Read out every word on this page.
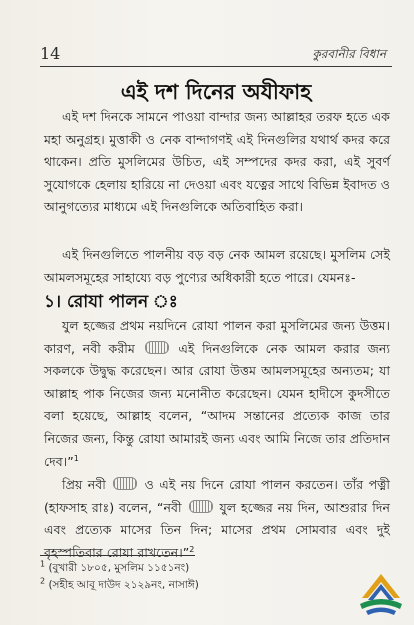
14	কুরবানীর বিধান
এই দশ দিনের অযীফাহ
এই দশ দিনকে সামনে পাওয়া বান্দার জন্য আল্লাহর তরফ হতে এক মহা অনুগ্রহ। মুত্তাকী ও নেক বান্দাগণই এই দিনগুলির যথার্থ কদর করে থাকেন। প্রতি মুসলিমের উচিত, এই সম্পদের কদর করা, এই সুবর্ণ সুযোগকে হেলায় হারিয়ে না দেওয়া এবং যত্নের সাথে বিভিন্ন ইবাদত ও আনুগত্যের মাধ্যমে এই দিনগুলিকে অতিবাহিত করা।
এই দিনগুলিতে পালনীয় বড় বড় নেক আমল রয়েছে। মুসলিম সেই আমলসমূহের সাহায্যে বড় পুণ্যের অধিকারী হতে পারে। যেমনঃ-
১। রোযা পালন ঃ
যুল হজ্জের প্রথম নয়দিনে রোযা পালন করা মুসলিমের জন্য উত্তম। কারণ, নবী করীম	এই দিনগুলিকে নেক আমল করার জন্য সকলকে উদ্বুদ্ধ করেছেন। আর রোযা উত্তম আমলসমূহের অন্যতম; যা আল্লাহ পাক নিজের জন্য মনোনীত করেছেন। যেমন হাদীসে কুদসীতে বলা হয়েছে, আল্লাহ বলেন, “আদম সন্তানের প্রত্যেক কাজ তার নিজের জন্য, কিন্তু রোযা আমারই জন্য এবং আমি নিজে তার প্রতিদান দেব।”$^1$
প্রিয় নবী	ও এই নয় দিনে রোযা পালন করতেন। তাঁর পত্নী (হাফসাহ রাঃ) বলেন, “নবী	যুল হজ্জের নয় দিন, আশুরার দিন এবং প্রত্যেক মাসের তিন দিন; মাসের প্রথম সোমবার এবং দুই বৃহস্পতিবার রোযা রাখতেন।”$^2$
$^1$ (বুখারী ১৮০৫, মুসলিম ১১৫১নং)
$^2$ (সহীহ আবূ দাউদ ২১২৯নং, নাসাঈ)
